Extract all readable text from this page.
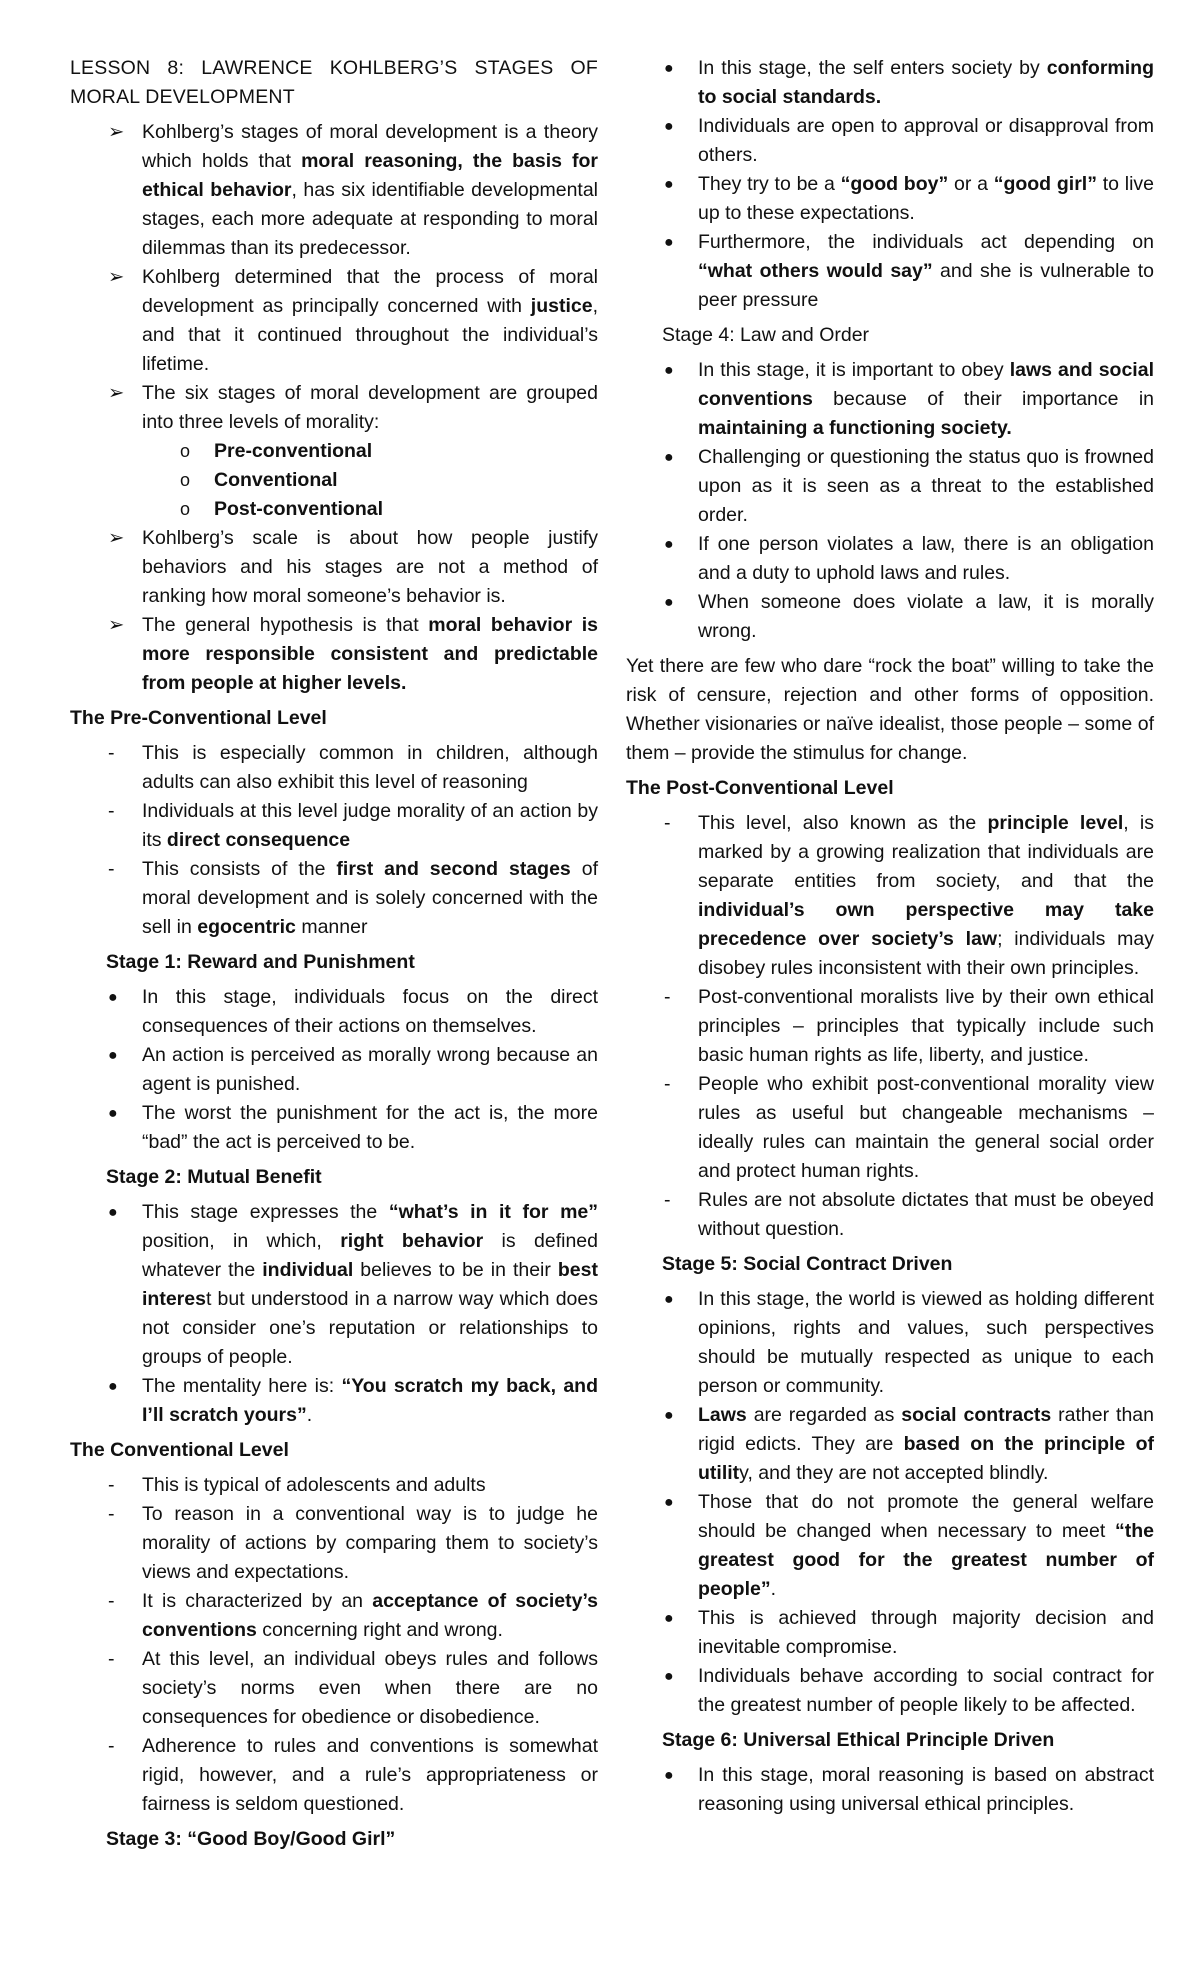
LESSON 8: LAWRENCE KOHLBERG’S STAGES OF MORAL DEVELOPMENT

➢ Kohlberg’s stages of moral development is a theory which holds that moral reasoning, the basis for ethical behavior, has six identifiable developmental stages, each more adequate at responding to moral dilemmas than its predecessor.

➢ Kohlberg determined that the process of moral development as principally concerned with justice, and that it continued throughout the individual’s lifetime.

➢ The six stages of moral development are grouped into three levels of morality:

o Pre-conventional

o Conventional

o Post-conventional

➢ Kohlberg’s scale is about how people justify behaviors and his stages are not a method of ranking how moral someone’s behavior is.

➢ The general hypothesis is that moral behavior is more responsible consistent and predictable from people at higher levels.

The Pre-Conventional Level

- This is especially common in children, although adults can also exhibit this level of reasoning

- Individuals at this level judge morality of an action by its direct consequence

- This consists of the first and second stages of moral development and is solely concerned with the sell in egocentric manner

Stage 1: Reward and Punishment

● In this stage, individuals focus on the direct consequences of their actions on themselves.

● An action is perceived as morally wrong because an agent is punished.

● The worst the punishment for the act is, the more “bad” the act is perceived to be.

Stage 2: Mutual Benefit

● This stage expresses the “what’s in it for me” position, in which, right behavior is defined whatever the individual believes to be in their best interest but understood in a narrow way which does not consider one’s reputation or relationships to groups of people.

● The mentality here is: “You scratch my back, and I’ll scratch yours”.

The Conventional Level

- This is typical of adolescents and adults

- To reason in a conventional way is to judge he morality of actions by comparing them to society’s views and expectations.

- It is characterized by an acceptance of society’s conventions concerning right and wrong.

- At this level, an individual obeys rules and follows society’s norms even when there are no consequences for obedience or disobedience.

- Adherence to rules and conventions is somewhat rigid, however, and a rule’s appropriateness or fairness is seldom questioned.

Stage 3: “Good Boy/Good Girl”

● In this stage, the self enters society by conforming to social standards.

● Individuals are open to approval or disapproval from others.

● They try to be a “good boy” or a “good girl” to live up to these expectations.

● Furthermore, the individuals act depending on “what others would say” and she is vulnerable to peer pressure

Stage 4: Law and Order

● In this stage, it is important to obey laws and social conventions because of their importance in maintaining a functioning society.

● Challenging or questioning the status quo is frowned upon as it is seen as a threat to the established order.

● If one person violates a law, there is an obligation and a duty to uphold laws and rules.

● When someone does violate a law, it is morally wrong.

Yet there are few who dare “rock the boat” willing to take the risk of censure, rejection and other forms of opposition. Whether visionaries or naïve idealist, those people – some of them – provide the stimulus for change.

The Post-Conventional Level

- This level, also known as the principle level, is marked by a growing realization that individuals are separate entities from society, and that the individual’s own perspective may take precedence over society’s law; individuals may disobey rules inconsistent with their own principles.

- Post-conventional moralists live by their own ethical principles – principles that typically include such basic human rights as life, liberty, and justice.

- People who exhibit post-conventional morality view rules as useful but changeable mechanisms – ideally rules can maintain the general social order and protect human rights.

- Rules are not absolute dictates that must be obeyed without question.

Stage 5: Social Contract Driven

● In this stage, the world is viewed as holding different opinions, rights and values, such perspectives should be mutually respected as unique to each person or community.

● Laws are regarded as social contracts rather than rigid edicts. They are based on the principle of utility, and they are not accepted blindly.

● Those that do not promote the general welfare should be changed when necessary to meet “the greatest good for the greatest number of people”.

● This is achieved through majority decision and inevitable compromise.

● Individuals behave according to social contract for the greatest number of people likely to be affected.

Stage 6: Universal Ethical Principle Driven

● In this stage, moral reasoning is based on abstract reasoning using universal ethical principles.
